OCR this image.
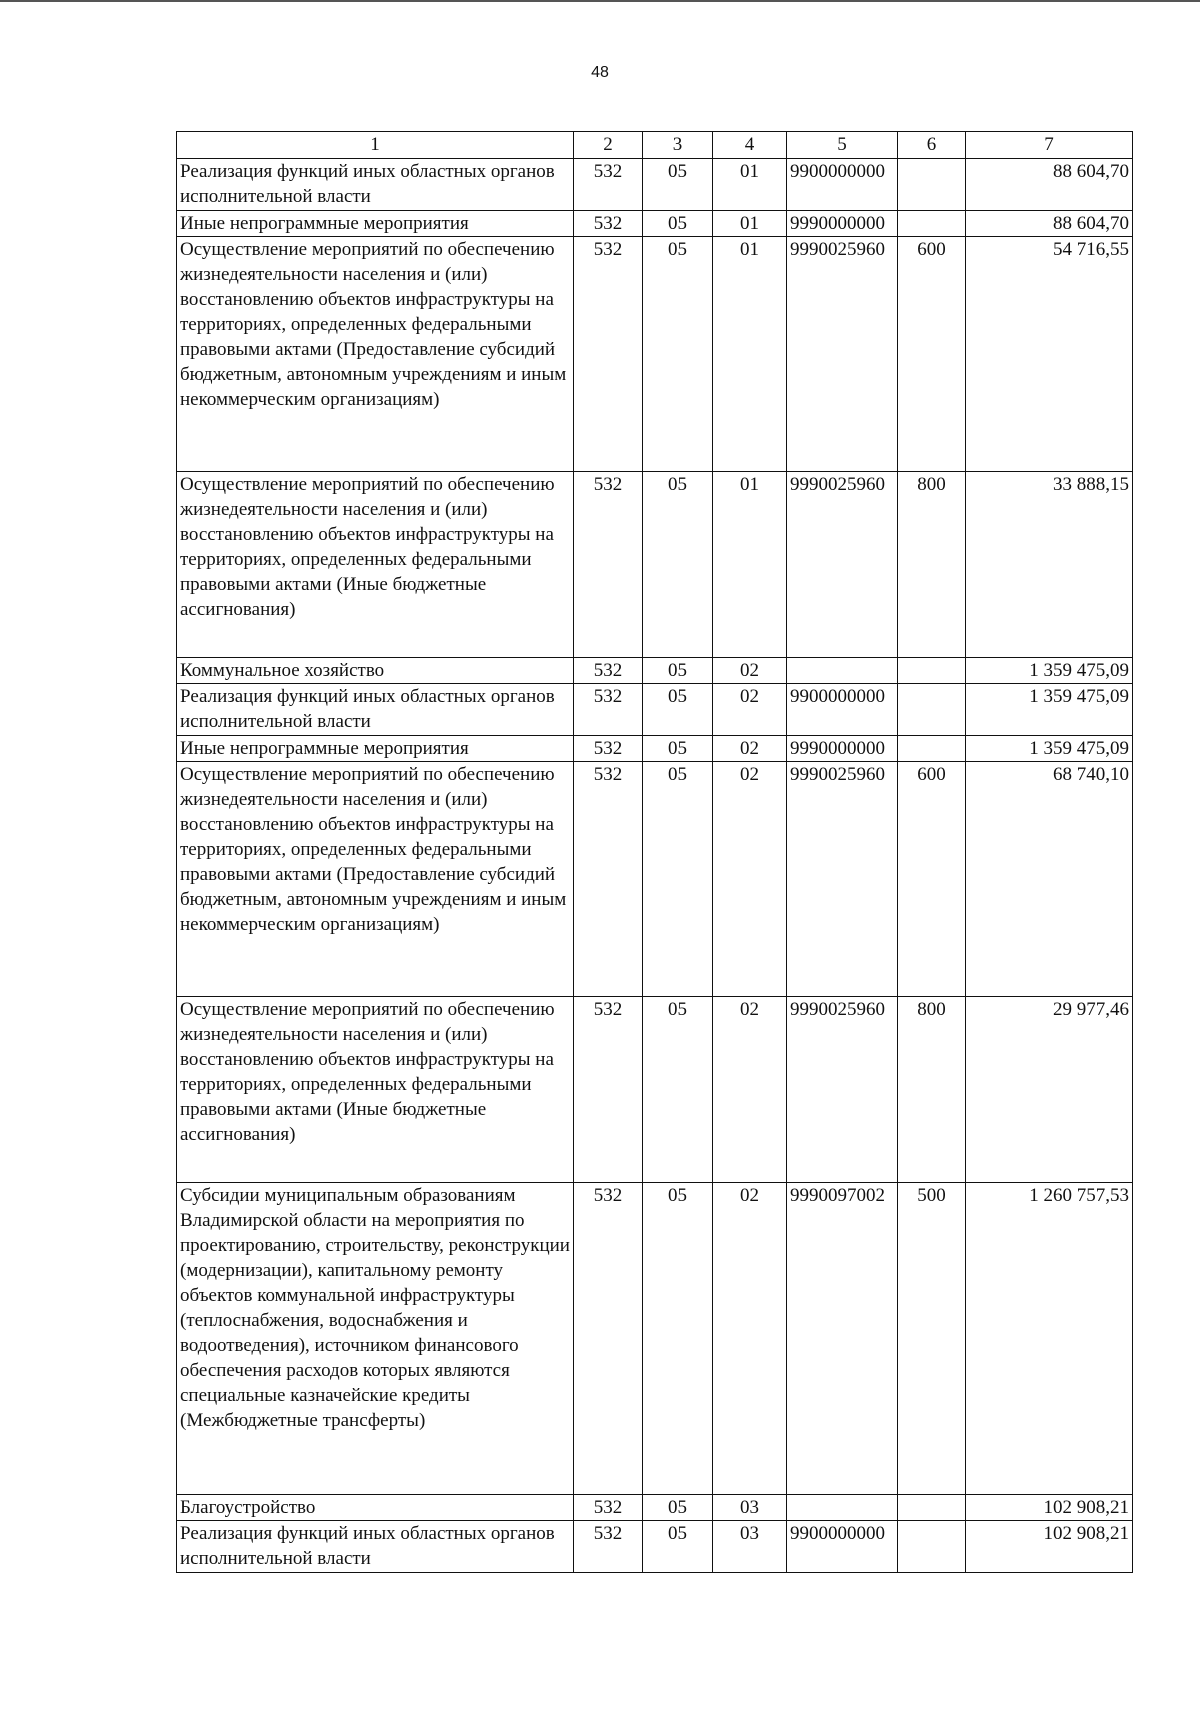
48
1	2	3	4	5	6	7
Реализация функций иных областных органов исполнительной власти	532	05	01	9900000000		88 604,70
Иные непрограммные мероприятия	532	05	01	9990000000		88 604,70
Осуществление мероприятий по обеспечению жизнедеятельности населения и (или) восстановлению объектов инфраструктуры на территориях, определенных федеральными правовыми актами (Предоставление субсидий бюджетным, автономным учреждениям и иным некоммерческим организациям)	532	05	01	9990025960	600	54 716,55
Осуществление мероприятий по обеспечению жизнедеятельности населения и (или) восстановлению объектов инфраструктуры на территориях, определенных федеральными правовыми актами (Иные бюджетные ассигнования)	532	05	01	9990025960	800	33 888,15
Коммунальное хозяйство	532	05	02			1 359 475,09
Реализация функций иных областных органов исполнительной власти	532	05	02	9900000000		1 359 475,09
Иные непрограммные мероприятия	532	05	02	9990000000		1 359 475,09
Осуществление мероприятий по обеспечению жизнедеятельности населения и (или) восстановлению объектов инфраструктуры на территориях, определенных федеральными правовыми актами (Предоставление субсидий бюджетным, автономным учреждениям и иным некоммерческим организациям)	532	05	02	9990025960	600	68 740,10
Осуществление мероприятий по обеспечению жизнедеятельности населения и (или) восстановлению объектов инфраструктуры на территориях, определенных федеральными правовыми актами (Иные бюджетные ассигнования)	532	05	02	9990025960	800	29 977,46
Субсидии муниципальным образованиям Владимирской области на мероприятия по проектированию, строительству, реконструкции (модернизации), капитальному ремонту объектов коммунальной инфраструктуры (теплоснабжения, водоснабжения и водоотведения), источником финансового обеспечения расходов которых являются специальные казначейские кредиты (Межбюджетные трансферты)	532	05	02	9990097002	500	1 260 757,53
Благоустройство	532	05	03			102 908,21
Реализация функций иных областных органов исполнительной власти	532	05	03	9900000000		102 908,21
